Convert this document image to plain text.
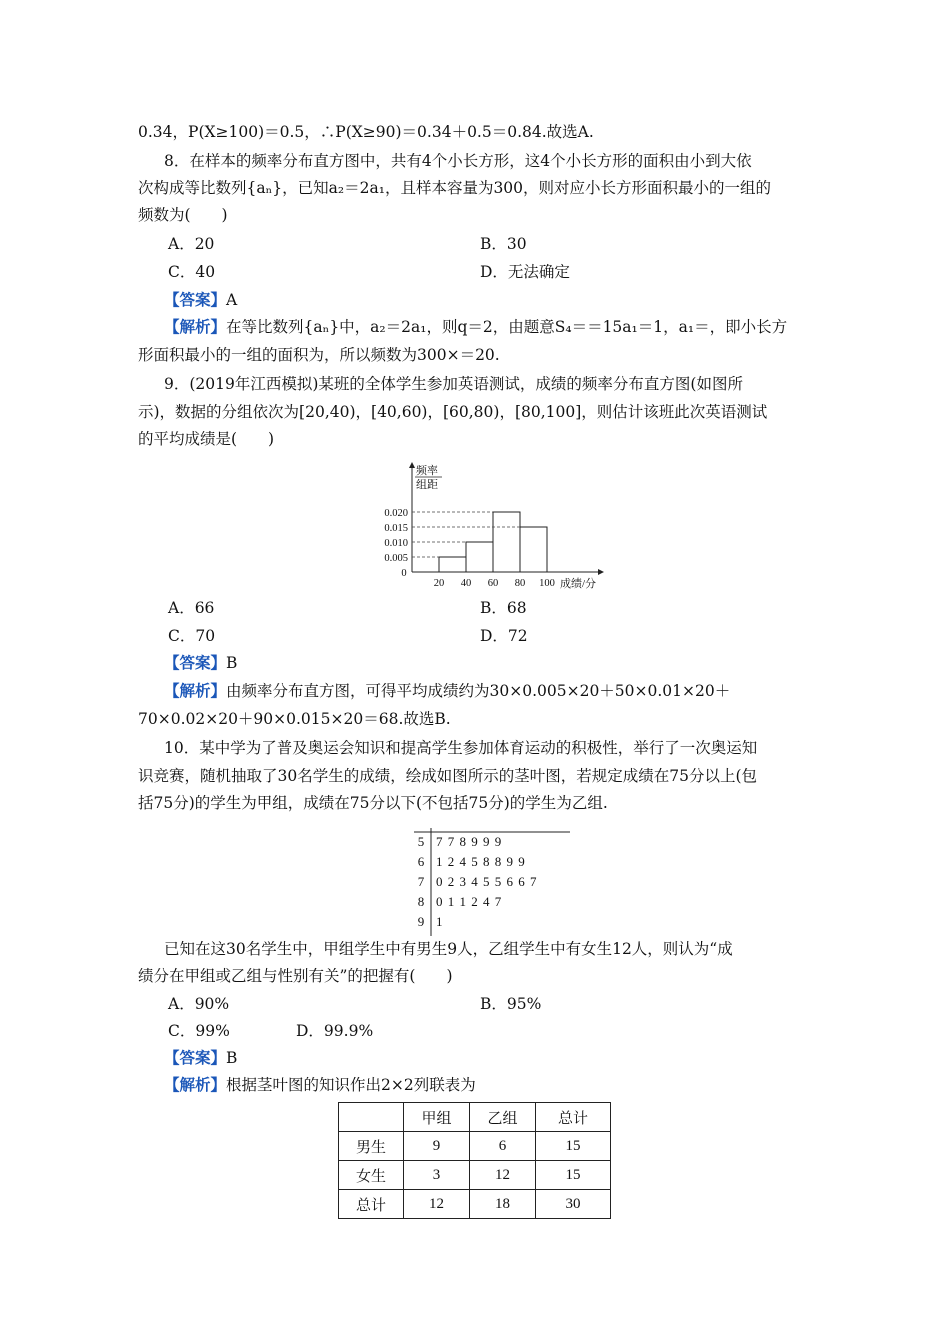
0.34，P(X≥100)＝0.5，∴P(X≥90)＝0.34＋0.5＝0.84.故选A.
8．在样本的频率分布直方图中，共有4个小长方形，这4个小长方形的面积由小到大依
次构成等比数列{aₙ}，已知a₂＝2a₁，且样本容量为300，则对应小长方形面积最小的一组的
频数为(　　)
A．20	B．30
C．40	D．无法确定
【答案】A
【解析】在等比数列{aₙ}中，a₂＝2a₁，则q＝2，由题意S₄＝＝15a₁＝1，a₁＝，即小长方
形面积最小的一组的面积为，所以频数为300×＝20.
9．(2019年江西模拟)某班的全体学生参加英语测试，成绩的频率分布直方图(如图所
示)，数据的分组依次为[20,40)，[40,60)，[60,80)，[80,100]，则估计该班此次英语测试
的平均成绩是(　　)
频率
组距
0.005
0.010
0.015
0.020
0
20 40 60 80 100 成绩/分
A．66	B．68
C．70	D．72
【答案】B
【解析】由频率分布直方图，可得平均成绩约为30×0.005×20＋50×0.01×20＋
70×0.02×20＋90×0.015×20＝68.故选B.
10．某中学为了普及奥运会知识和提高学生参加体育运动的积极性，举行了一次奥运知
识竞赛，随机抽取了30名学生的成绩，绘成如图所示的茎叶图，若规定成绩在75分以上(包
括75分)的学生为甲组，成绩在75分以下(不包括75分)的学生为乙组.
5 7 7 8 9 9 9
6 1 2 4 5 8 8 9 9
7 0 2 3 4 5 5 6 6 7
8 0 1 1 2 4 7
9 1
已知在这30名学生中，甲组学生中有男生9人，乙组学生中有女生12人，则认为“成
绩分在甲组或乙组与性别有关”的把握有(　　)
A．90%	B．95%
C．99%	D．99.9%
【答案】B
【解析】根据茎叶图的知识作出2×2列联表为
	甲组	乙组	总计
男生	9	6	15
女生	3	12	15
总计	12	18	30
